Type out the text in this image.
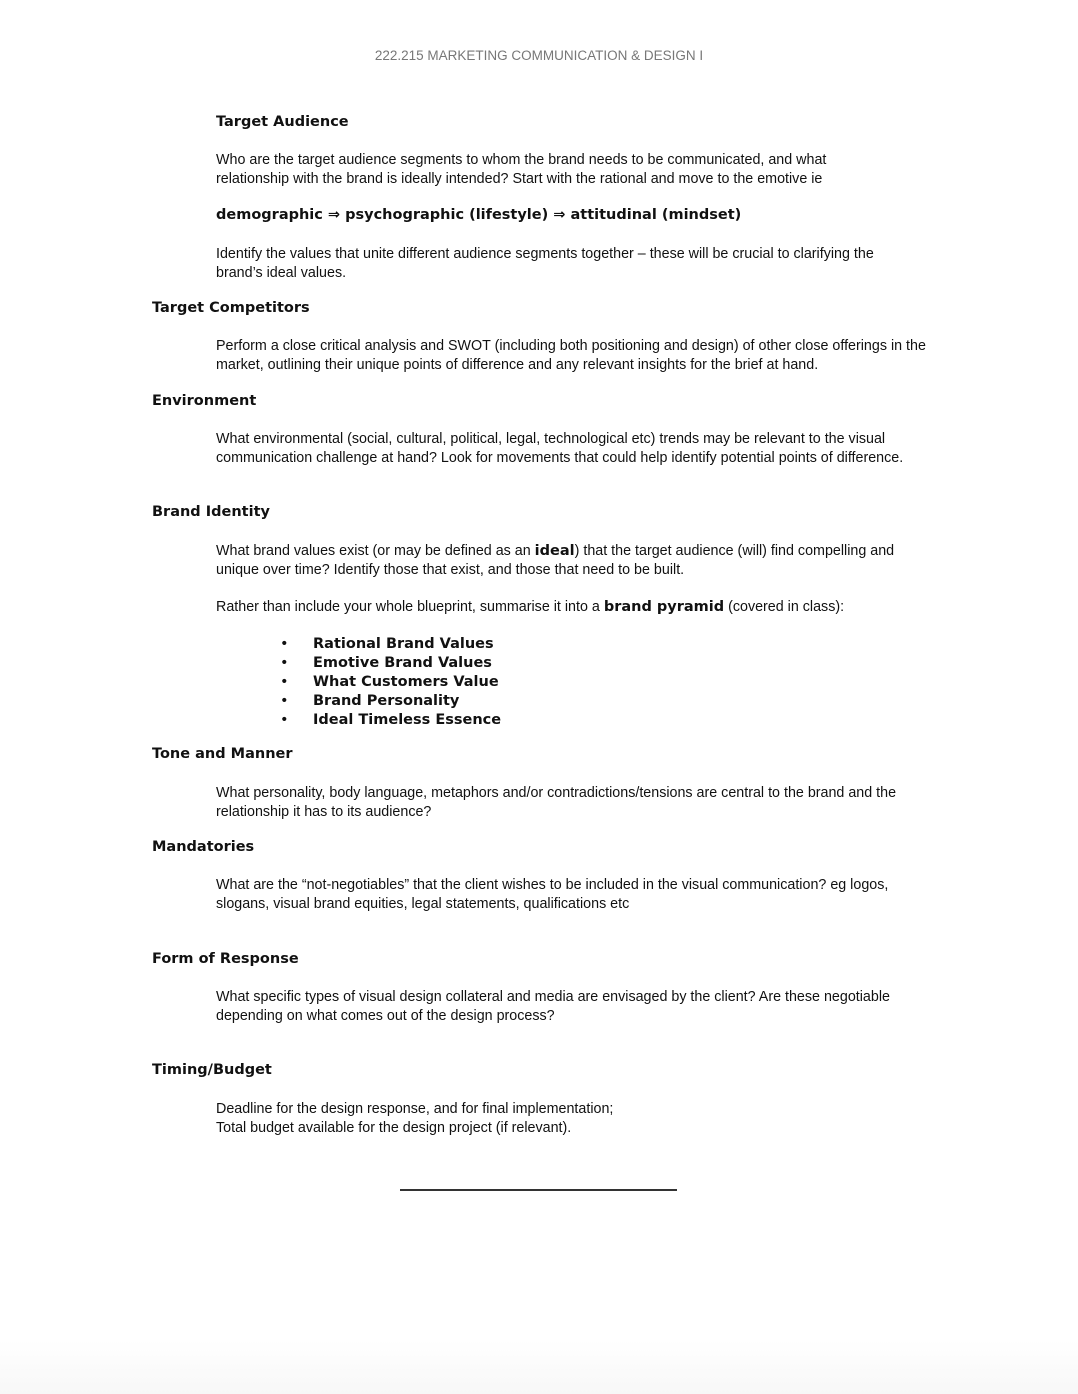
222.215 MARKETING COMMUNICATION & DESIGN I
Target Audience
Who are the target audience segments to whom the brand needs to be communicated, and what relationship with the brand is ideally intended? Start with the rational and move to the emotive ie
demographic ⇒ psychographic (lifestyle) ⇒ attitudinal (mindset)
Identify the values that unite different audience segments together – these will be crucial to clarifying the brand’s ideal values.
Target Competitors
Perform a close critical analysis and SWOT (including both positioning and design) of other close offerings in the market, outlining their unique points of difference and any relevant insights for the brief at hand.
Environment
What environmental (social, cultural, political, legal, technological etc) trends may be relevant to the visual communication challenge at hand? Look for movements that could help identify potential points of difference.
Brand Identity
What brand values exist (or may be defined as an ideal) that the target audience (will) find compelling and unique over time? Identify those that exist, and those that need to be built.
Rather than include your whole blueprint, summarise it into a brand pyramid (covered in class):
•	Rational Brand Values
•	Emotive Brand Values
•	What Customers Value
•	Brand Personality
•	Ideal Timeless Essence
Tone and Manner
What personality, body language, metaphors and/or contradictions/tensions are central to the brand and the relationship it has to its audience?
Mandatories
What are the “not-negotiables” that the client wishes to be included in the visual communication? eg logos, slogans, visual brand equities, legal statements, qualifications etc
Form of Response
What specific types of visual design collateral and media are envisaged by the client? Are these negotiable depending on what comes out of the design process?
Timing/Budget
Deadline for the design response, and for final implementation;
Total budget available for the design project (if relevant).
